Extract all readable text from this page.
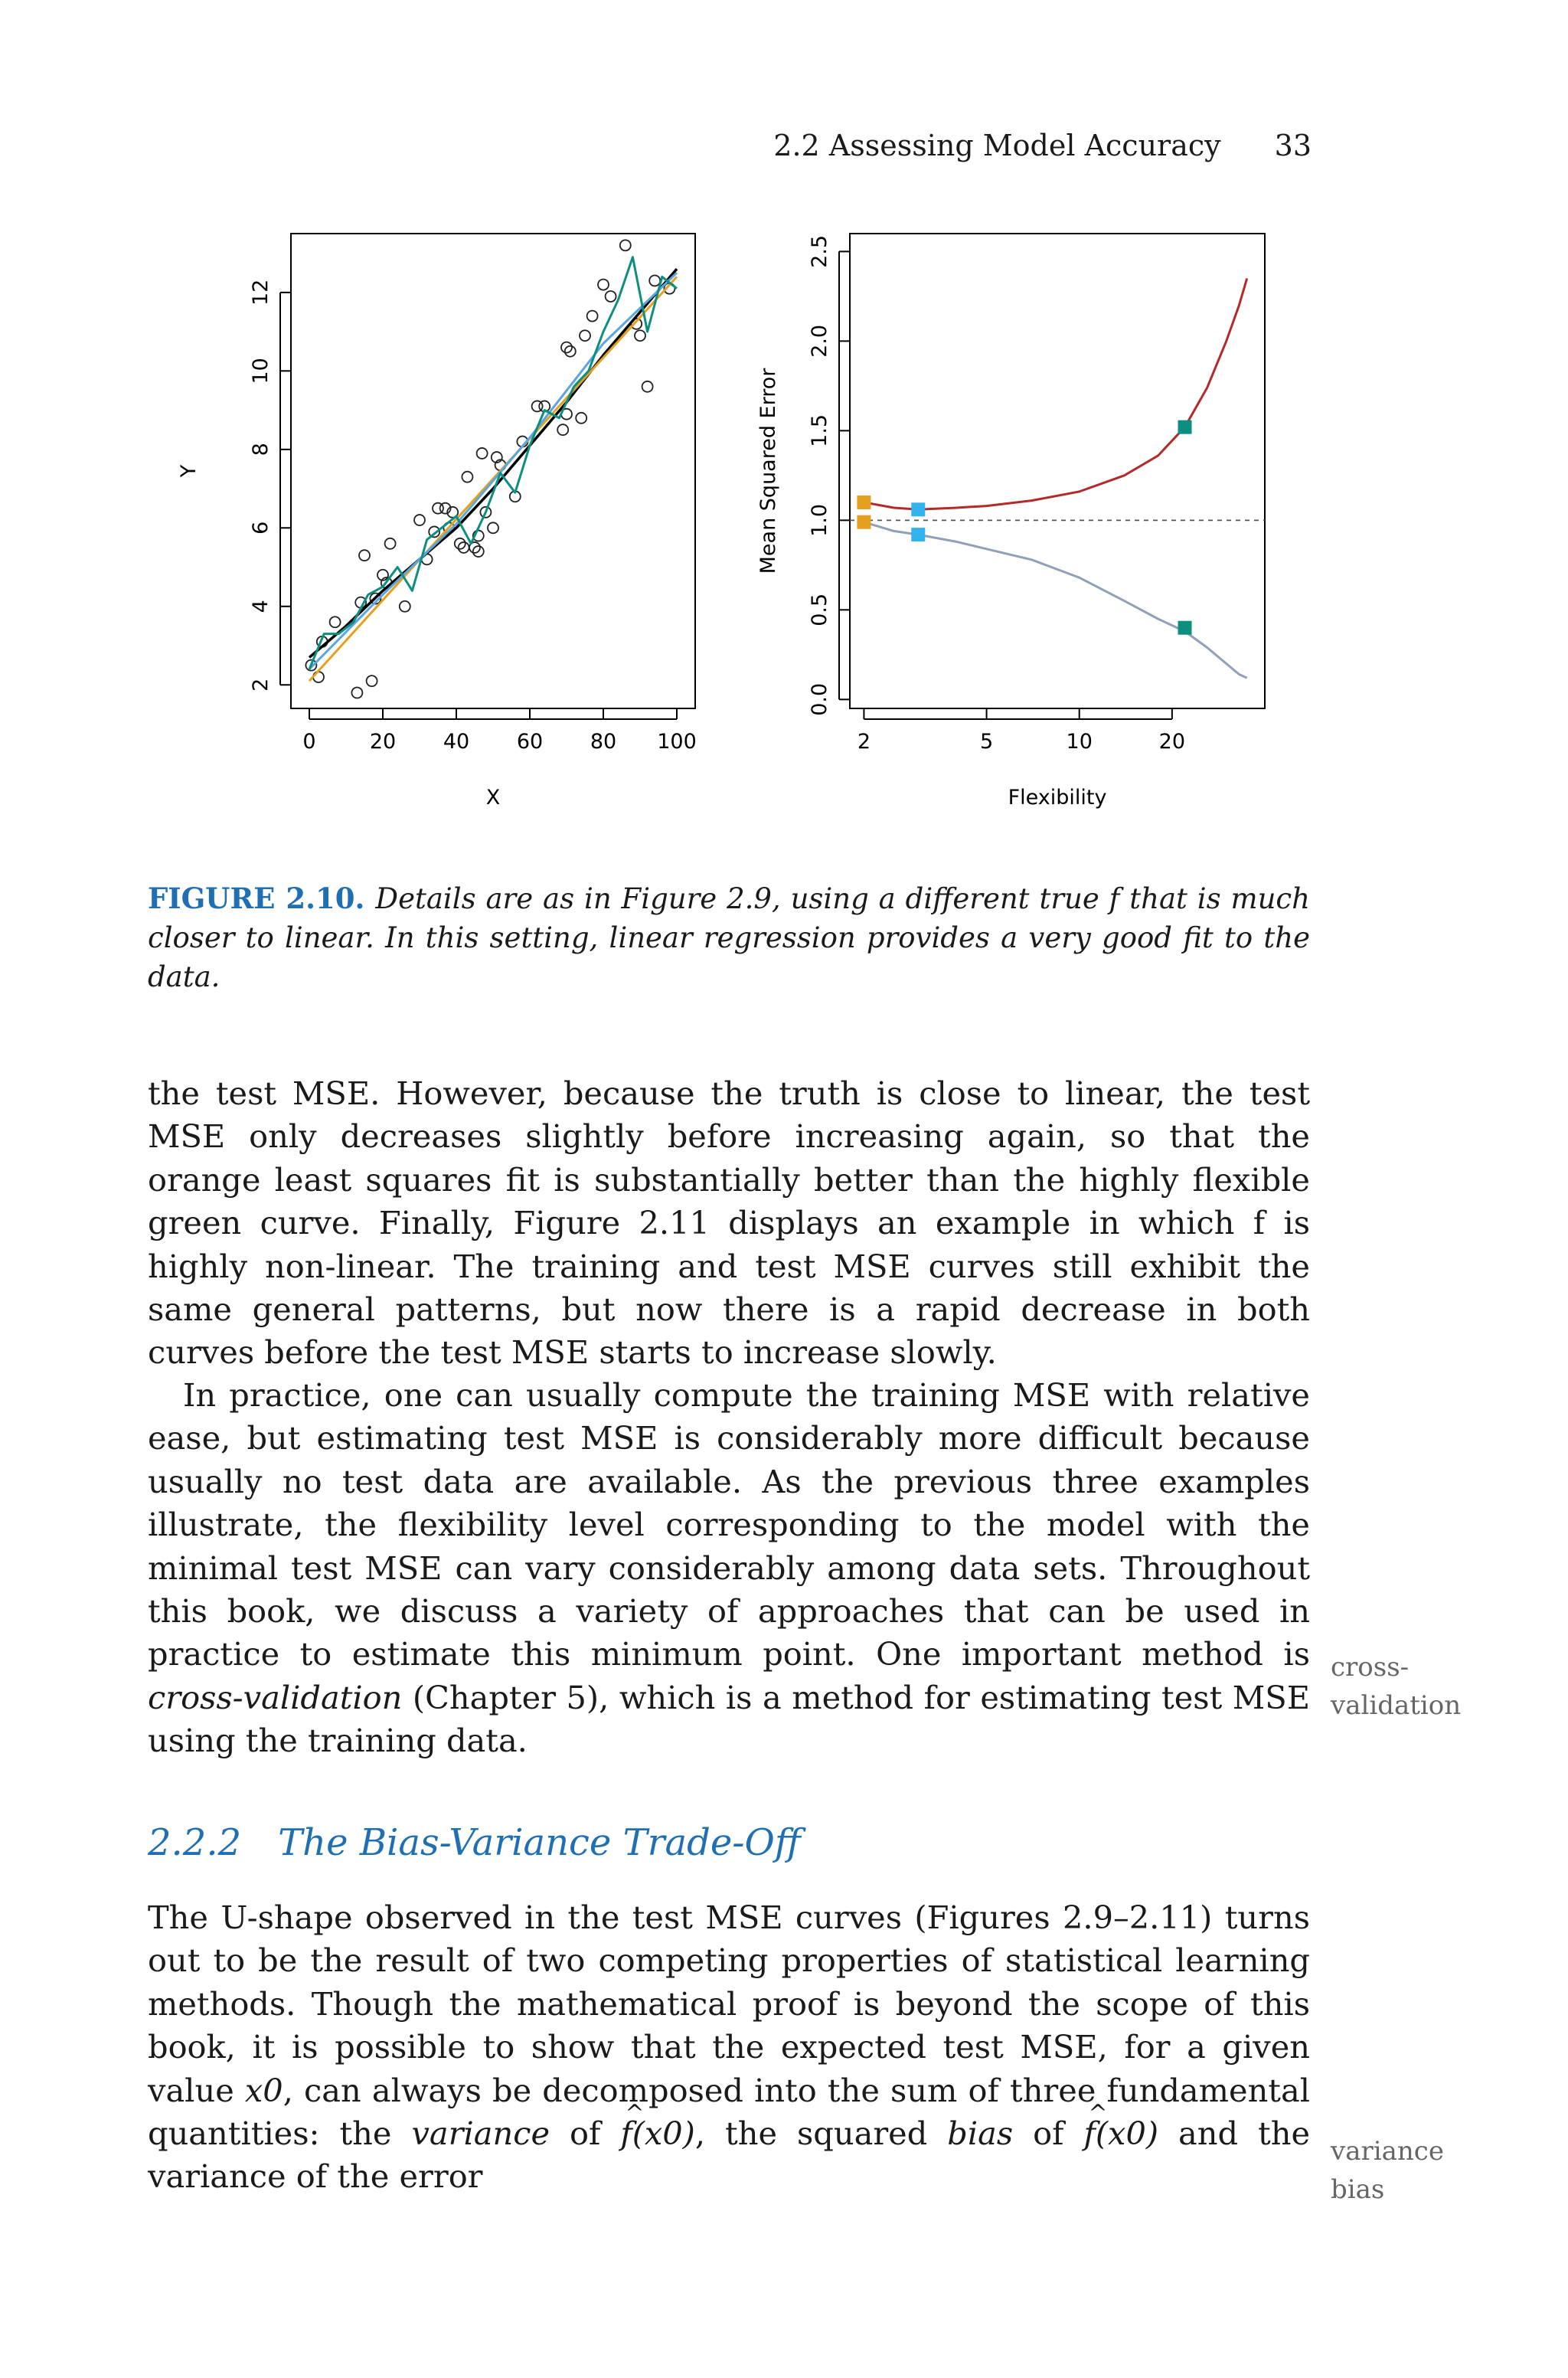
2.2 Assessing Model Accuracy 33
0	20 40 60 80 100
2
4
6
8
10
12
X
Y
2	5	10	20
0.0
0.5
1.0
1.5
2.0
2.5
Flexibility
Mean Squared Error
FIGURE 2.10. Details are as in Figure 2.9, using a different true f that is much closer to linear. In this setting, linear regression provides a very good fit to the data.
the test MSE. However, because the truth is close to linear, the test MSE only decreases slightly before increasing again, so that the orange least squares fit is substantially better than the highly flexible green curve. Finally, Figure 2.11 displays an example in which f is highly non-linear. The training and test MSE curves still exhibit the same general patterns, but now there is a rapid decrease in both curves before the test MSE starts to increase slowly.
In practice, one can usually compute the training MSE with relative ease, but estimating test MSE is considerably more difficult because usually no test data are available. As the previous three examples illustrate, the flexibility level corresponding to the model with the minimal test MSE can vary considerably among data sets. Throughout this book, we discuss a variety of approaches that can be used in practice to estimate this minimum point. One important method is cross-validation (Chapter 5), which is a method for estimating test MSE using the training data.
cross-
validation
2.2.2 The Bias-Variance Trade-Off
The U-shape observed in the test MSE curves (Figures 2.9–2.11) turns out to be the result of two competing properties of statistical learning methods. Though the mathematical proof is beyond the scope of this book, it is possible to show that the expected test MSE, for a given value x0, can always be decomposed into the sum of three fundamental quantities: the variance of ^ f(x0), the squared bias of ^ f(x0) and the variance of the error
variance
bias
